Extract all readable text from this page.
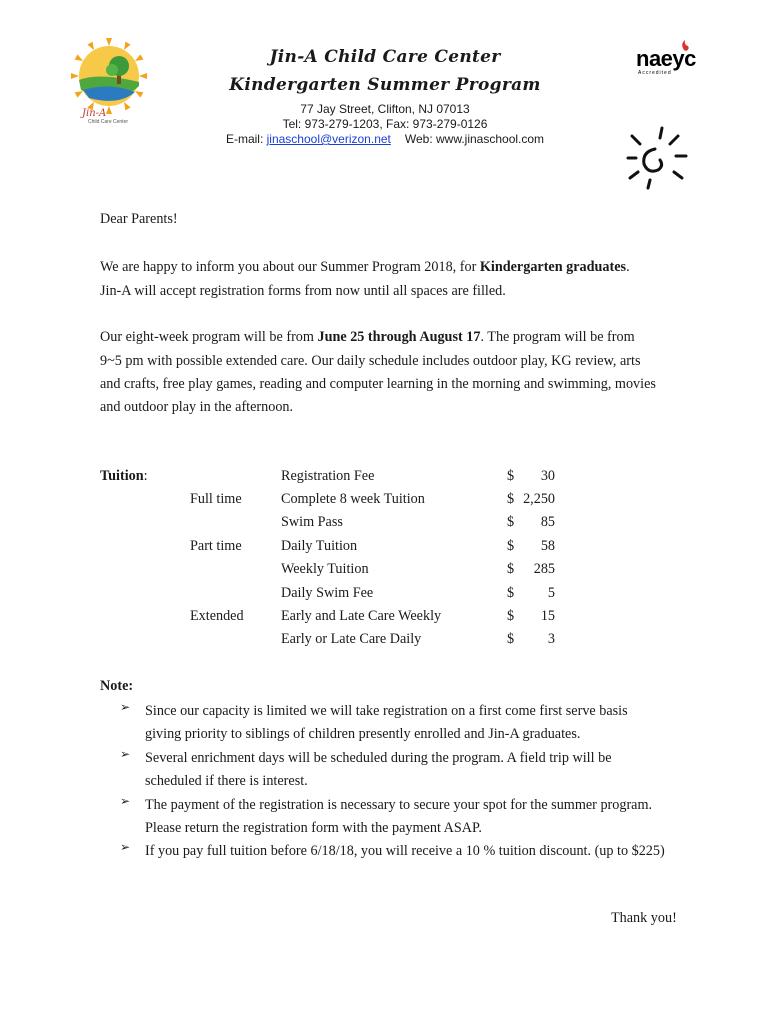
Jin-A
Child Care Center
naeyc
Accredited
Jin-A Child Care Center
Kindergarten Summer Program
77 Jay Street, Clifton, NJ 07013
Tel: 973-279-1203, Fax: 973-279-0126
E-mail: jinaschool@verizon.net Web: www.jinaschool.com
Dear Parents!
We are happy to inform you about our Summer Program 2018, for Kindergarten graduates.
Jin-A will accept registration forms from now until all spaces are filled.
Our eight-week program will be from June 25 through August 17. The program will be from
9~5 pm with possible extended care. Our daily schedule includes outdoor play, KG review, arts
and crafts, free play games, reading and computer learning in the morning and swimming, movies
and outdoor play in the afternoon.
Tuition:	Registration Fee	$ 30
Full time	Complete 8 week Tuition	$ 2,250
Swim Pass	$ 85
Part time	Daily Tuition	$ 58
Weekly Tuition	$ 285
Daily Swim Fee	$ 5
Extended	Early and Late Care Weekly	$ 15
Early or Late Care Daily	$ 3
Note:
➢ Since our capacity is limited we will take registration on a first come first serve basis
giving priority to siblings of children presently enrolled and Jin-A graduates.
➢ Several enrichment days will be scheduled during the program. A field trip will be
scheduled if there is interest.
➢ The payment of the registration is necessary to secure your spot for the summer program.
Please return the registration form with the payment ASAP.
➢ If you pay full tuition before 6/18/18, you will receive a 10 % tuition discount. (up to $225)
Thank you!
